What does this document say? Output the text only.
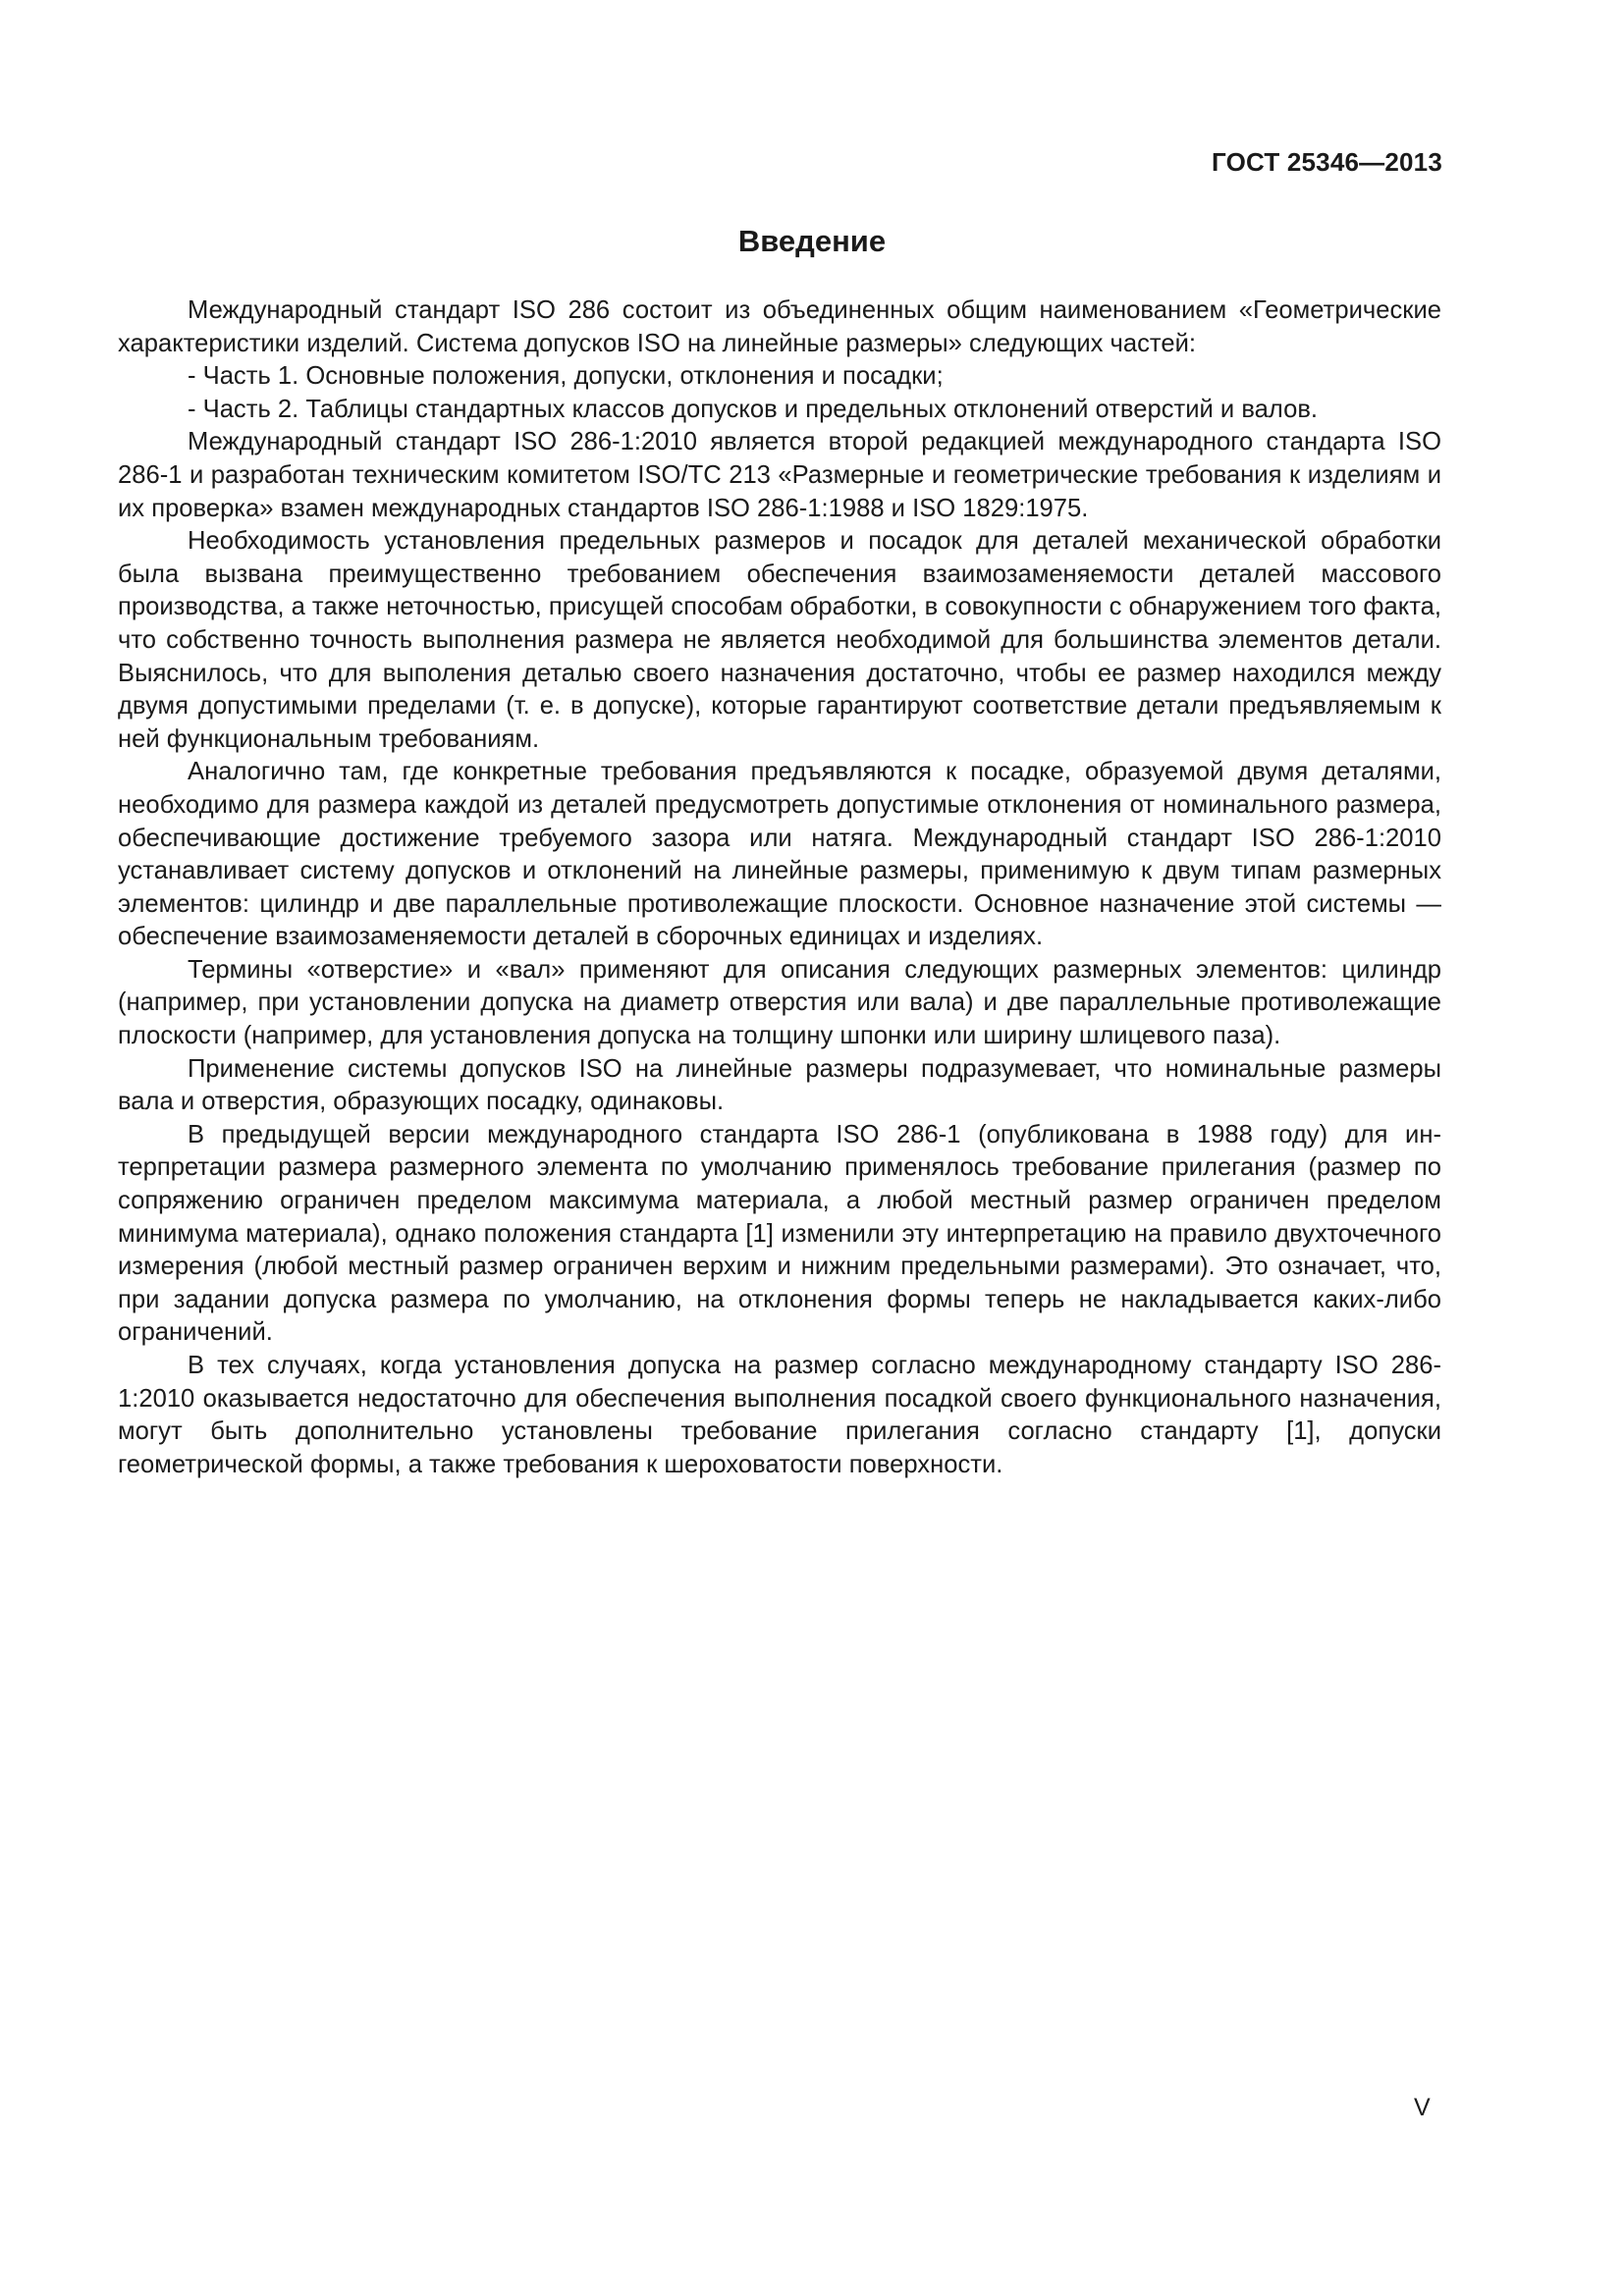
ГОСТ 25346—2013
Введение

Международный стандарт ISO 286 состоит из объединенных общим наименованием «Геометрические характеристики изделий. Система допусков ISO на линейные размеры» следующих частей:

- Часть 1. Основные положения, допуски, отклонения и посадки;

- Часть 2. Таблицы стандартных классов допусков и предельных отклонений отверстий и валов.

Международный стандарт ISO 286-1:2010 является второй редакцией международного стандарта ISO 286-1 и разработан техническим комитетом ISO/TC 213 «Размерные и геометрические требования к изделиям и их проверка» взамен международных стандартов ISO 286-1:1988 и ISO 1829:1975.

Необходимость установления предельных размеров и посадок для деталей механической обработки была вызвана преимущественно требованием обеспечения взаимозаменяемости деталей массового производства, а также неточностью, присущей способам обработки, в совокупности с обнаружением того факта, что собственно точность выполнения размера не является необходимой для большинства элементов детали. Выяснилось, что для выполения деталью своего назначения достаточно, чтобы ее размер находился между двумя допустимыми пределами (т. е. в допуске), которые гарантируют соответствие детали предъявляемым к ней функциональным требованиям.

Аналогично там, где конкретные требования предъявляются к посадке, образуемой двумя деталями, необходимо для размера каждой из деталей предусмотреть допустимые отклонения от номинального размера, обеспечивающие достижение требуемого зазора или натяга. Международный стандарт ISO 286-1:2010 устанавливает систему допусков и отклонений на линейные размеры, применимую к двум типам размерных элементов: цилиндр и две параллельные противолежащие плоскости. Основное назначение этой системы — обеспечение взаимозаменяемости деталей в сборочных единицах и изделиях.

Термины «отверстие» и «вал» применяют для описания следующих размерных элементов: цилиндр (например, при установлении допуска на диаметр отверстия или вала) и две параллельные противолежащие плоскости (например, для установления допуска на толщину шпонки или ширину шлицевого паза).

Применение системы допусков ISO на линейные размеры подразумевает, что номинальные размеры вала и отверстия, образующих посадку, одинаковы.

В предыдущей версии международного стандарта ISO 286-1 (опубликована в 1988 году) для интерпретации размера размерного элемента по умолчанию применялось требование прилегания (размер по сопряжению ограничен пределом максимума материала, а любой местный размер ограничен пределом минимума материала), однако положения стандарта [1] изменили эту интерпретацию на правило двухточечного измерения (любой местный размер ограничен верхим и нижним предельными размерами). Это означает, что, при задании допуска размера по умолчанию, на отклонения формы теперь не накладывается каких-либо ограничений.

В тех случаях, когда установления допуска на размер согласно международному стандарту ISO 286-1:2010 оказывается недостаточно для обеспечения выполнения посадкой своего функционального назначения, могут быть дополнительно установлены требование прилегания согласно стандарту [1], допуски геометрической формы, а также требования к шероховатости поверхности.

V
